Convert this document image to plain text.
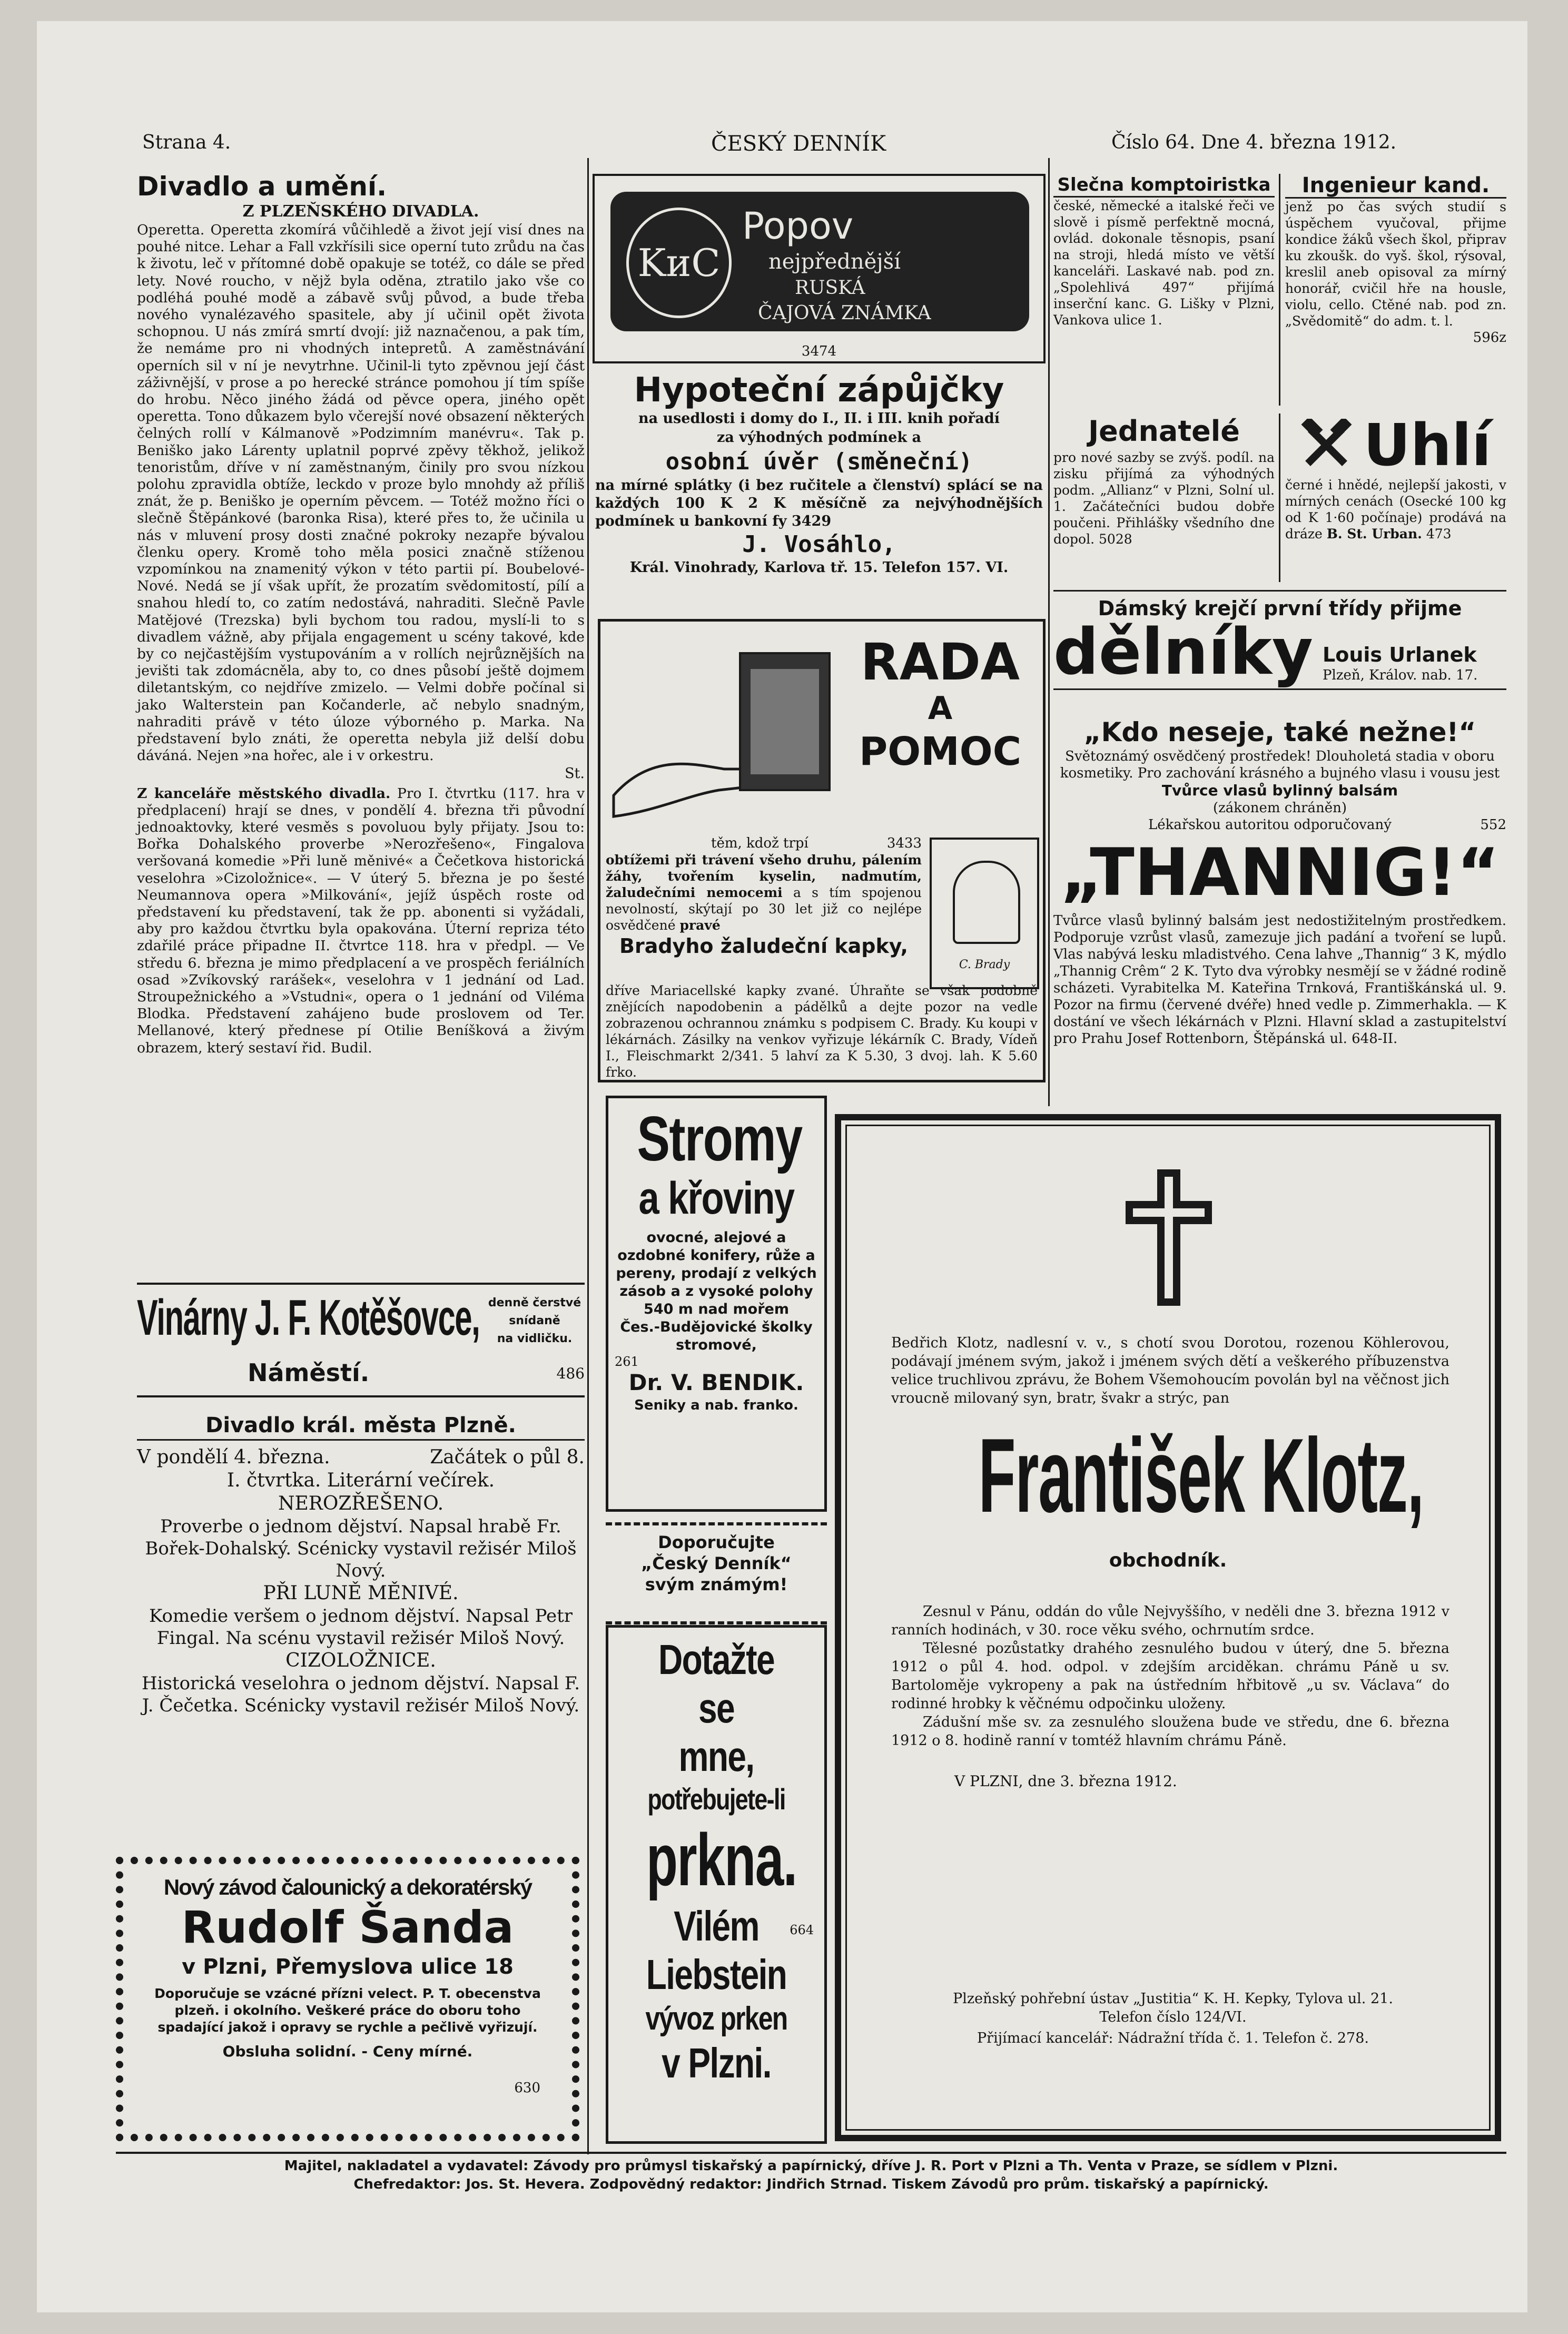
Strana 4.	ČESKÝ DENNÍK	Číslo 64. Dne 4. března 1912.
Divadlo a umění.
Z PLZEŇSKÉHO DIVADLA.

Operetta. Operetta zkomírá vůčihledě a život její visí dnes na pouhé nitce. Lehar a Fall vzkřísili sice operní tuto zrůdu na čas k životu, leč v přítomné době opakuje se totéž, co dále se před lety. Nové roucho, v nějž byla oděna, ztratilo jako vše co podléhá pouhé modě a zábavě svůj původ, a bude třeba nového vynalézavého spasitele, aby jí učinil opět života schopnou. U nás zmírá smrtí dvojí: již naznačenou, a pak tím, že nemáme pro ni vhodných intepretů. A zaměstnávání operních sil v ní je nevytrhne. Učinil-li tyto zpěvnou její část záživnější, v prose a po herecké stránce pomohou jí tím spíše do hrobu. Něco jiného žádá od pěvce opera, jiného opět operetta. Tono důkazem bylo včerejší nové obsazení některých čelných rollí v Kálmanově »Podzimním manévru«. Tak p. Beniško jako Lárenty uplatnil poprvé zpěvy těkhož, jelikož tenoristům, dříve v ní zaměstnaným, činily pro svou nízkou polohu zpravidla obtíže, leckdo v proze bylo mnohdy až příliš znát, že p. Beniško je operním pěvcem. — Totéž možno říci o slečně Štěpánkové (baronka Risa), které přes to, že učinila u nás v mluvení prosy dosti značné pokroky nezapře bývalou členku opery. Kromě toho měla posici značně stíženou vzpomínkou na znamenitý výkon v této partii pí. Boubelové-Nové. Nedá se jí však upřít, že prozatím svědomitostí, pílí a snahou hledí to, co zatím nedostává, nahraditi. Slečně Pavle Matějové (Trezska) byli bychom tou radou, myslí-li to s divadlem vážně, aby přijala engagement u scény takové, kde by co nejčastějším vystupováním a v rollích nejrůznějších na jevišti tak zdomácněla, aby to, co dnes působí ještě dojmem diletantským, co nejdříve zmizelo. — Velmi dobře počínal si jako Walterstein pan Kočanderle, ač nebylo snadným, nahraditi právě v této úloze výborného p. Marka. Na představení bylo znáti, že operetta nebyla již delší dobu dáváná. Nejen »na hořec, ale i v orkestru.

St.

Z kanceláře městského divadla. Pro I. čtvrtku (117. hra v předplacení) hrají se dnes, v pondělí 4. března tři původní jednoaktovky, které vesměs s povoluou byly přijaty. Jsou to: Bořka Dohalského proverbe »Nerozřešeno«, Fingalova veršovaná komedie »Při luně měnivé« a Čečetkova historická veselohra »Cizoložnice«. — V úterý 5. března je po šesté Neumannova opera »Milkování«, jejíž úspěch roste od představení ku představení, tak že pp. abonenti si vyžádali, aby pro každou čtvrtku byla opakována. Úterní repriza této zdařilé práce připadne II. čtvrtce 118. hra v předpl. — Ve středu 6. března je mimo předplacení a ve prospěch feriálních osad »Zvíkovský rarášek«, veselohra v 1 jednání od Lad. Stroupežnického a »Vstudni«, opera o 1 jednání od Viléma Blodka. Představení zahájeno bude proslovem od Ter. Mellanové, který přednese pí Otilie Beníšková a živým obrazem, který sestaví řid. Budil.

Vinárny J. F. Kotěšovce, denně čerstvé
snídaně
na vidličku.
Náměstí.	486
Divadlo král. města Plzně.
V pondělí 4. března.	Začátek o půl 8.
I. čtvrtka. Literární večírek.
NEROZŘEŠENO.
Proverbe o jednom dějství. Napsal hrabě Fr. Bořek-Dohalský. Scénicky vystavil režisér Miloš Nový.
PŘI LUNĚ MĚNIVÉ.
Komedie veršem o jednom dějství. Napsal Petr Fingal. Na scénu vystavil režisér Miloš Nový.
CIZOLOŽNICE.
Historická veselohra o jednom dějství. Napsal F. J. Čečetka. Scénicky vystavil režisér Miloš Nový.
Nový závod čalounický a dekoratérský
Rudolf Šanda
v Plzni, Přemyslova ulice 18
Doporučuje se vzácné přízni velect. P. T. obecenstva plzeň. i okolního. Veškeré práce do oboru toho spadající jakož i opravy se rychle a pečlivě vyřizují.
630
Obsluha solidní. - Ceny mírné.
KиC
Popov
nejpřednější
RUSKÁ
ČAJOVÁ ZNÁMKA
3474
Hypoteční zápůjčky
na usedlosti i domy do I., II. i III. knih pořadí
za výhodných podmínek a
osobní úvěr (směneční)

na mírné splátky (i bez ručitele a členství) splácí se na každých 100 K 2 K měsíčně za nejvýhodnějších podmínek u bankovní fy 3429

J. Vosáhlo,
Král. Vinohrady, Karlova tř. 15. Telefon 157. VI.
RADA
A
POMOC
těm, kdož trpí	3433

obtížemi při trávení všeho druhu, pálením žáhy, tvořením kyselin, nadmutím, žaludečními nemocemi a s tím spojenou nevolností, skýtají po 30 let již co nejlépe osvědčené pravé

Bradyho žaludeční kapky,

dříve Mariacellské kapky zvané. Úhraňte se však podobně znějících napodobenin a pádělků a dejte pozor na vedle zobrazenou ochrannou známku s podpisem C. Brady. Ku koupi v lékárnách. Zásilky na venkov vyřizuje lékárník C. Brady, Vídeň I., Fleischmarkt 2/341. 5 lahví za K 5.30, 3 dvoj. lah. K 5.60 frko.

C. Brady
Stromy
a křoviny
ovocné, alejové a ozdobné konifery, růže a pereny, prodají z velkých zásob a z vysoké polohy 540 m nad mořem
Čes.-Budějovické školky stromové,
261
Dr. V. BENDIK.
Seniky a nab. franko.
Doporučujte
„Český Denník“
svým známým!
Dotažte se
mne,
potřebujete-li
prkna.
Vilém
Liebstein
664
vývoz prken
v Plzni.
Slečna komptoiristka

české, německé a italské řeči ve slově i písmě perfektně mocná, ovlád. dokonale těsnopis, psaní na stroji, hledá místo ve větší kanceláři. Laskavé nab. pod zn. „Spolehlivá 497“ přijímá inserční kanc. G. Lišky v Plzni, Vankova ulice 1.

Ingenieur kand.

jenž po čas svých studií s úspěchem vyučoval, přijme kondice žáků všech škol, připrav ku zkoušk. do vyš. škol, rýsoval, kreslil aneb opisoval za mírný honorář, cvičil hře na housle, violu, cello. Ctěné nab. pod zn. „Svědomitě“ do adm. t. l.

596z
Jednatelé

pro nové sazby se zvýš. podíl. na zisku přijímá za výhodných podm. „Allianz“ v Plzni, Solní ul. 1. Začátečníci budou dobře poučeni. Přihlášky všedního dne dopol. 5028

Uhlí

černé i hnědé, nejlepší jakosti, v mírných cenách (Osecké 100 kg od K 1·60 počínaje) prodává na dráze B. St. Urban. 473

Dámský krejčí první třídy přijme
dělníky Louis Urlanek
Plzeň, Králov. nab. 17.
„Kdo neseje, také nežne!“

Světoznámý osvědčený prostředek! Dlouholetá stadia v oboru kosmetiky. Pro zachování krásného a bujného vlasu i vousu jest

Tvůrce vlasů bylinný balsám
(zákonem chráněn)
Lékařskou autoritou odporučovaný	552
„THANNIG!“

Tvůrce vlasů bylinný balsám jest nedostižitelným prostředkem. Podporuje vzrůst vlasů, zamezuje jich padání a tvoření se lupů. Vlas nabývá lesku mladistvého. Cena lahve „Thannig“ 3 K, mýdlo „Thannig Crêm“ 2 K. Tyto dva výrobky nesmějí se v žádné rodině scházeti. Vyrabitelka M. Kateřina Trnková, Františkánská ul. 9. Pozor na firmu (červené dvéře) hned vedle p. Zimmerhakla. — K dostání ve všech lékárnách v Plzni. Hlavní sklad a zastupitelství pro Prahu Josef Rottenborn, Štěpánská ul. 648-II.

Bedřich Klotz, nadlesní v. v., s chotí svou Dorotou, rozenou Köhlerovou, podávají jménem svým, jakož i jménem svých dětí a veškerého příbuzenstva velice truchlivou zprávu, že Bohem Všemohoucím povolán byl na věčnost jich vroucně milovaný syn, bratr, švakr a strýc, pan

František Klotz,
obchodník.

Zesnul v Pánu, oddán do vůle Nejvyššího, v neděli dne 3. března 1912 v ranních hodinách, v 30. roce věku svého, ochrnutím srdce.

Tělesné pozůstatky drahého zesnulého budou v úterý, dne 5. března 1912 o půl 4. hod. odpol. v zdejším arciděkan. chrámu Páně u sv. Bartoloměje vykropeny a pak na ústředním hřbitově „u sv. Václava“ do rodinné hrobky k věčnému odpočinku uloženy.

Zádušní mše sv. za zesnulého sloužena bude ve středu, dne 6. března 1912 o 8. hodině ranní v tomtéž hlavním chrámu Páně.

V PLZNI, dne 3. března 1912.

Plzeňský pohřební ústav „Justitia“ K. H. Kepky, Tylova ul. 21. Telefon číslo 124/VI.
Přijímací kancelář: Nádražní třída č. 1. Telefon č. 278.
Majitel, nakladatel a vydavatel: Závody pro průmysl tiskařský a papírnický, dříve J. R. Port v Plzni a Th. Venta v Praze, se sídlem v Plzni.
Chefredaktor: Jos. St. Hevera. Zodpovědný redaktor: Jindřich Strnad. Tiskem Závodů pro prům. tiskařský a papírnický.
